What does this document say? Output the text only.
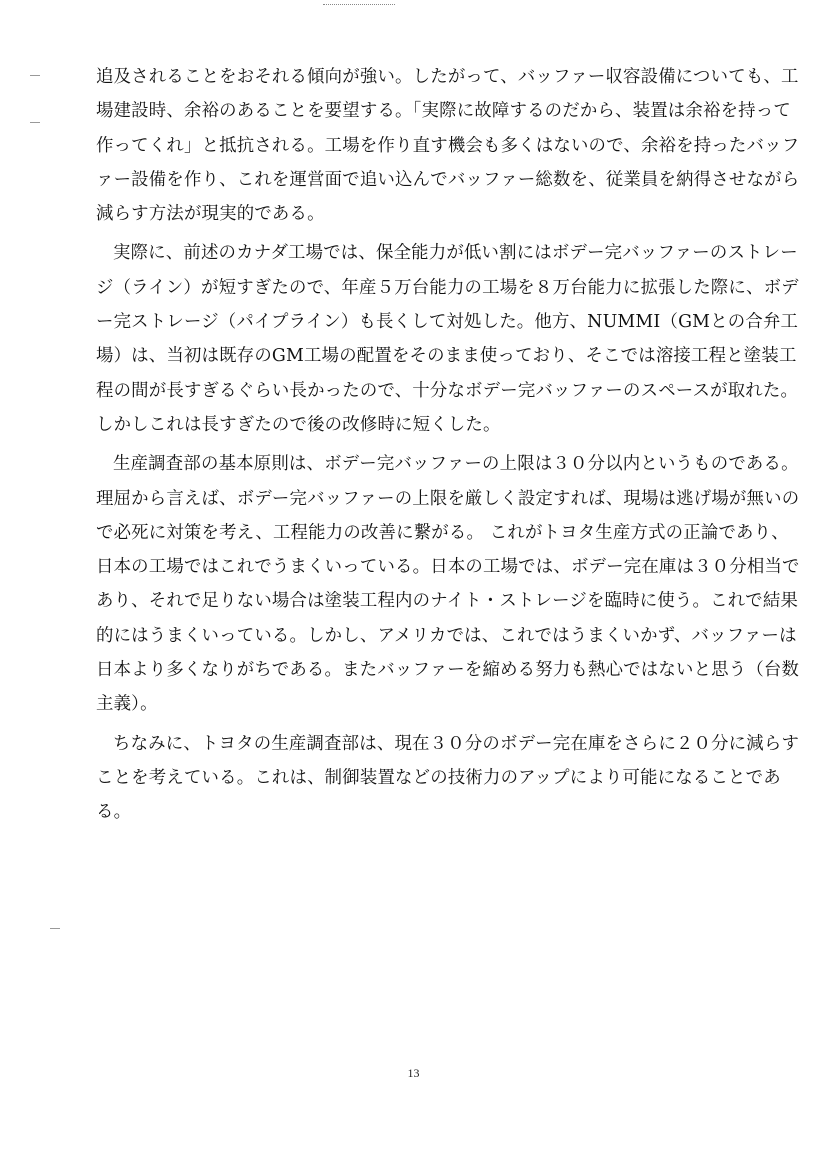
追及されることをおそれる傾向が強い。したがって、バッファー収容設備についても、工
場建設時、余裕のあることを要望する。「実際に故障するのだから、装置は余裕を持って
作ってくれ」と抵抗される。工場を作り直す機会も多くはないので、余裕を持ったバッフ
ァー設備を作り、これを運営面で追い込んでバッファー総数を、従業員を納得させながら
減らす方法が現実的である。
実際に、前述のカナダ工場では、保全能力が低い割にはボデー完バッファーのストレー
ジ（ライン）が短すぎたので、年産５万台能力の工場を８万台能力に拡張した際に、ボデ
ー完ストレージ（パイプライン）も長くして対処した。他方、NUMMI（GMとの合弁工
場）は、当初は既存のGM工場の配置をそのまま使っており、そこでは溶接工程と塗装工
程の間が長すぎるぐらい長かったので、十分なボデー完バッファーのスペースが取れた。
しかしこれは長すぎたので後の改修時に短くした。
生産調査部の基本原則は、ボデー完バッファーの上限は３０分以内というものである。
理屈から言えば、ボデー完バッファーの上限を厳しく設定すれば、現場は逃げ場が無いの
で必死に対策を考え、工程能力の改善に繋がる。 これがトヨタ生産方式の正論であり、
日本の工場ではこれでうまくいっている。日本の工場では、ボデー完在庫は３０分相当で
あり、それで足りない場合は塗装工程内のナイト・ストレージを臨時に使う。これで結果
的にはうまくいっている。しかし、アメリカでは、これではうまくいかず、バッファーは
日本より多くなりがちである。またバッファーを縮める努力も熱心ではないと思う（台数
主義）。
ちなみに、トヨタの生産調査部は、現在３０分のボデー完在庫をさらに２０分に減らす
ことを考えている。これは、制御装置などの技術力のアップにより可能になることであ
る。
13
